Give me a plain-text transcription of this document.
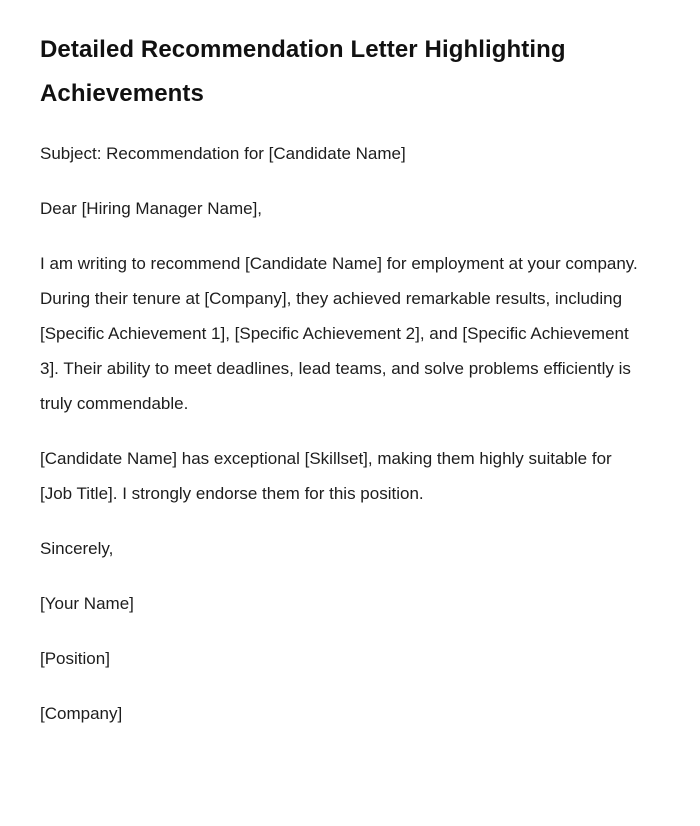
Detailed Recommendation Letter Highlighting Achievements

Subject: Recommendation for [Candidate Name]

Dear [Hiring Manager Name],

I am writing to recommend [Candidate Name] for employment at your company. During their tenure at [Company], they achieved remarkable results, including [Specific Achievement 1], [Specific Achievement 2], and [Specific Achievement 3]. Their ability to meet deadlines, lead teams, and solve problems efficiently is truly commendable.

[Candidate Name] has exceptional [Skillset], making them highly suitable for [Job Title]. I strongly endorse them for this position.

Sincerely,

[Your Name]

[Position]

[Company]
